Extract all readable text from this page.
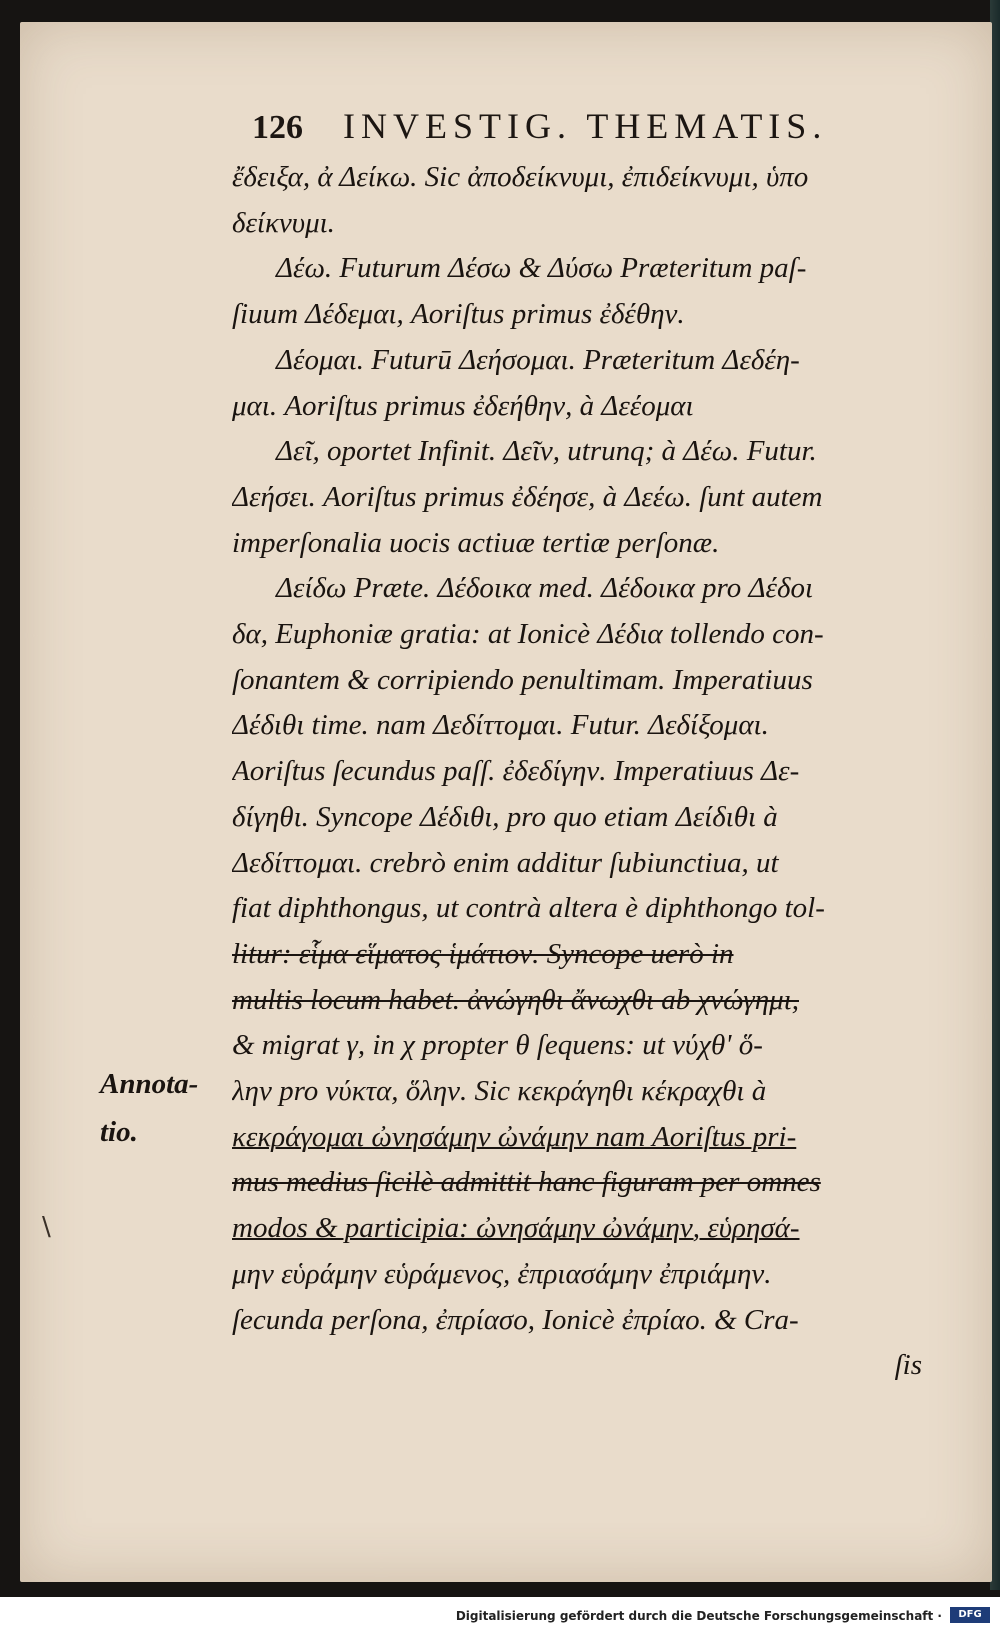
126 INVESTIG. THEMATIS.
ἔδειξα, ἀ Δείκω. Sic ἀποδείκνυμι, ἐπιδείκνυμι, ὑπο
δείκνυμι.
Δέω. Futurum Δέσω & Δύσω Præteritum paſ-
ſiuum Δέδεμαι, Aoriſtus primus ἐδέθην.
Δέομαι. Futurū Δεήσομαι. Præteritum Δεδέη-
μαι. Aoriſtus primus ἐδεήθην, à Δεέομαι
Δεῖ, oportet Infinit. Δεῖν, utrunq; à Δέω. Futur.
Δεήσει. Aoriſtus primus ἐδέησε, à Δεέω. ſunt autem
imperſonalia uocis actiuæ tertiæ perſonæ.
Δείδω Præte. Δέδοικα med. Δέδοικα pro Δέδοι
δα, Euphoniæ gratia: at Ionicè Δέδια tollendo con-
ſonantem & corripiendo penultimam. Imperatiuus
Δέδιθι time. nam Δεδίττομαι. Futur. Δεδίξομαι.
Aoriſtus ſecundus paſſ. ἐδεδίγην. Imperatiuus Δε-
δίγηθι. Syncope Δέδιθι, pro quo etiam Δείδιθι à
Δεδίττομαι. crebrò enim additur ſubiunctiua, ut
fiat diphthongus, ut contrà altera è diphthongo tol-
litur: εἷμα εἵματος ἱμάτιον. Syncope uerò in
multis locum habet. ἀνώγηθι ἄνωχθι ab χνώγημι,
& migrat γ, in χ propter θ ſequens: ut νύχθ' ὅ-
λην pro νύκτα, ὅλην. Sic κεκράγηθι κέκραχθι à
κεκράγομαι ὠνησάμην ὠνάμην nam Aoriſtus pri-
mus medius ſicilè admittit hanc figuram per omnes
modos & participia: ὠνησάμην ὠνάμην, εὑρησά-
μην εὑράμην εὑράμενος, ἐπριασάμην ἐπριάμην.
ſecunda perſona, ἐπρίασο, Ionicè ἐπρίαο. & Cra-
ſis
Annota-
tio.
\
Digitalisierung gefördert durch die Deutsche Forschungsgemeinschaft ·	DFG
